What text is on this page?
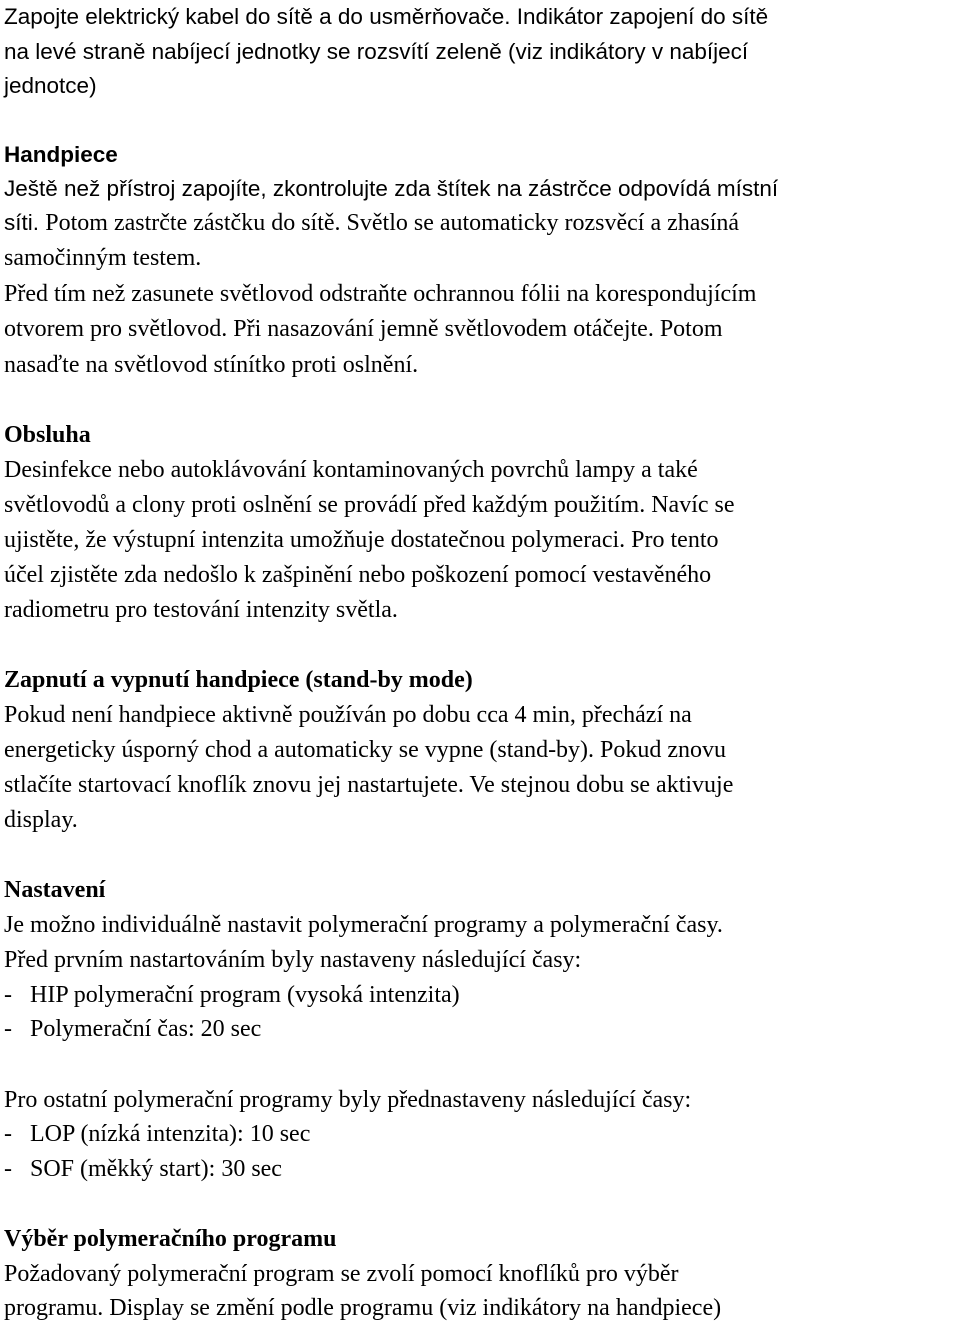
Zapojte elektrický kabel do sítě a do usměrňovače. Indikátor zapojení do sítě
na levé straně nabíjecí jednotky se rozsvítí zeleně (viz indikátory v nabíjecí
jednotce)
Handpiece
Ještě než přístroj zapojíte, zkontrolujte zda štítek na zástrčce odpovídá místní
síti. Potom zastrčte zástčku do sítě. Světlo se automaticky rozsvěcí a zhasíná
samočinným testem.
Před tím než zasunete světlovod odstraňte ochrannou fólii na korespondujícím
otvorem pro světlovod. Při nasazování jemně světlovodem otáčejte. Potom
nasaďte na světlovod stínítko proti oslnění.
Obsluha
Desinfekce nebo autoklávování kontaminovaných povrchů lampy a také
světlovodů a clony proti oslnění se provádí před každým použitím. Navíc se
ujistěte, že výstupní intenzita umožňuje dostatečnou polymeraci. Pro tento
účel zjistěte zda nedošlo k zašpinění nebo poškození pomocí vestavěného
radiometru pro testování intenzity světla.
Zapnutí a vypnutí handpiece (stand-by mode)
Pokud není handpiece aktivně používán po dobu cca 4 min, přechází na
energeticky úsporný chod a automaticky se vypne (stand-by). Pokud znovu
stlačíte startovací knoflík znovu jej nastartujete. Ve stejnou dobu se aktivuje
display.
Nastavení
Je možno individuálně nastavit polymerační programy a polymerační časy.
Před prvním nastartováním byly nastaveny následující časy:
-   HIP polymerační program (vysoká intenzita)
-   Polymerační čas: 20 sec
Pro ostatní polymerační programy byly přednastaveny následující časy:
-   LOP (nízká intenzita): 10 sec
-   SOF (měkký start): 30 sec
Výběr polymeračního programu
Požadovaný polymerační program se zvolí pomocí knoflíků pro výběr
programu. Display se změní podle programu (viz indikátory na handpiece)
